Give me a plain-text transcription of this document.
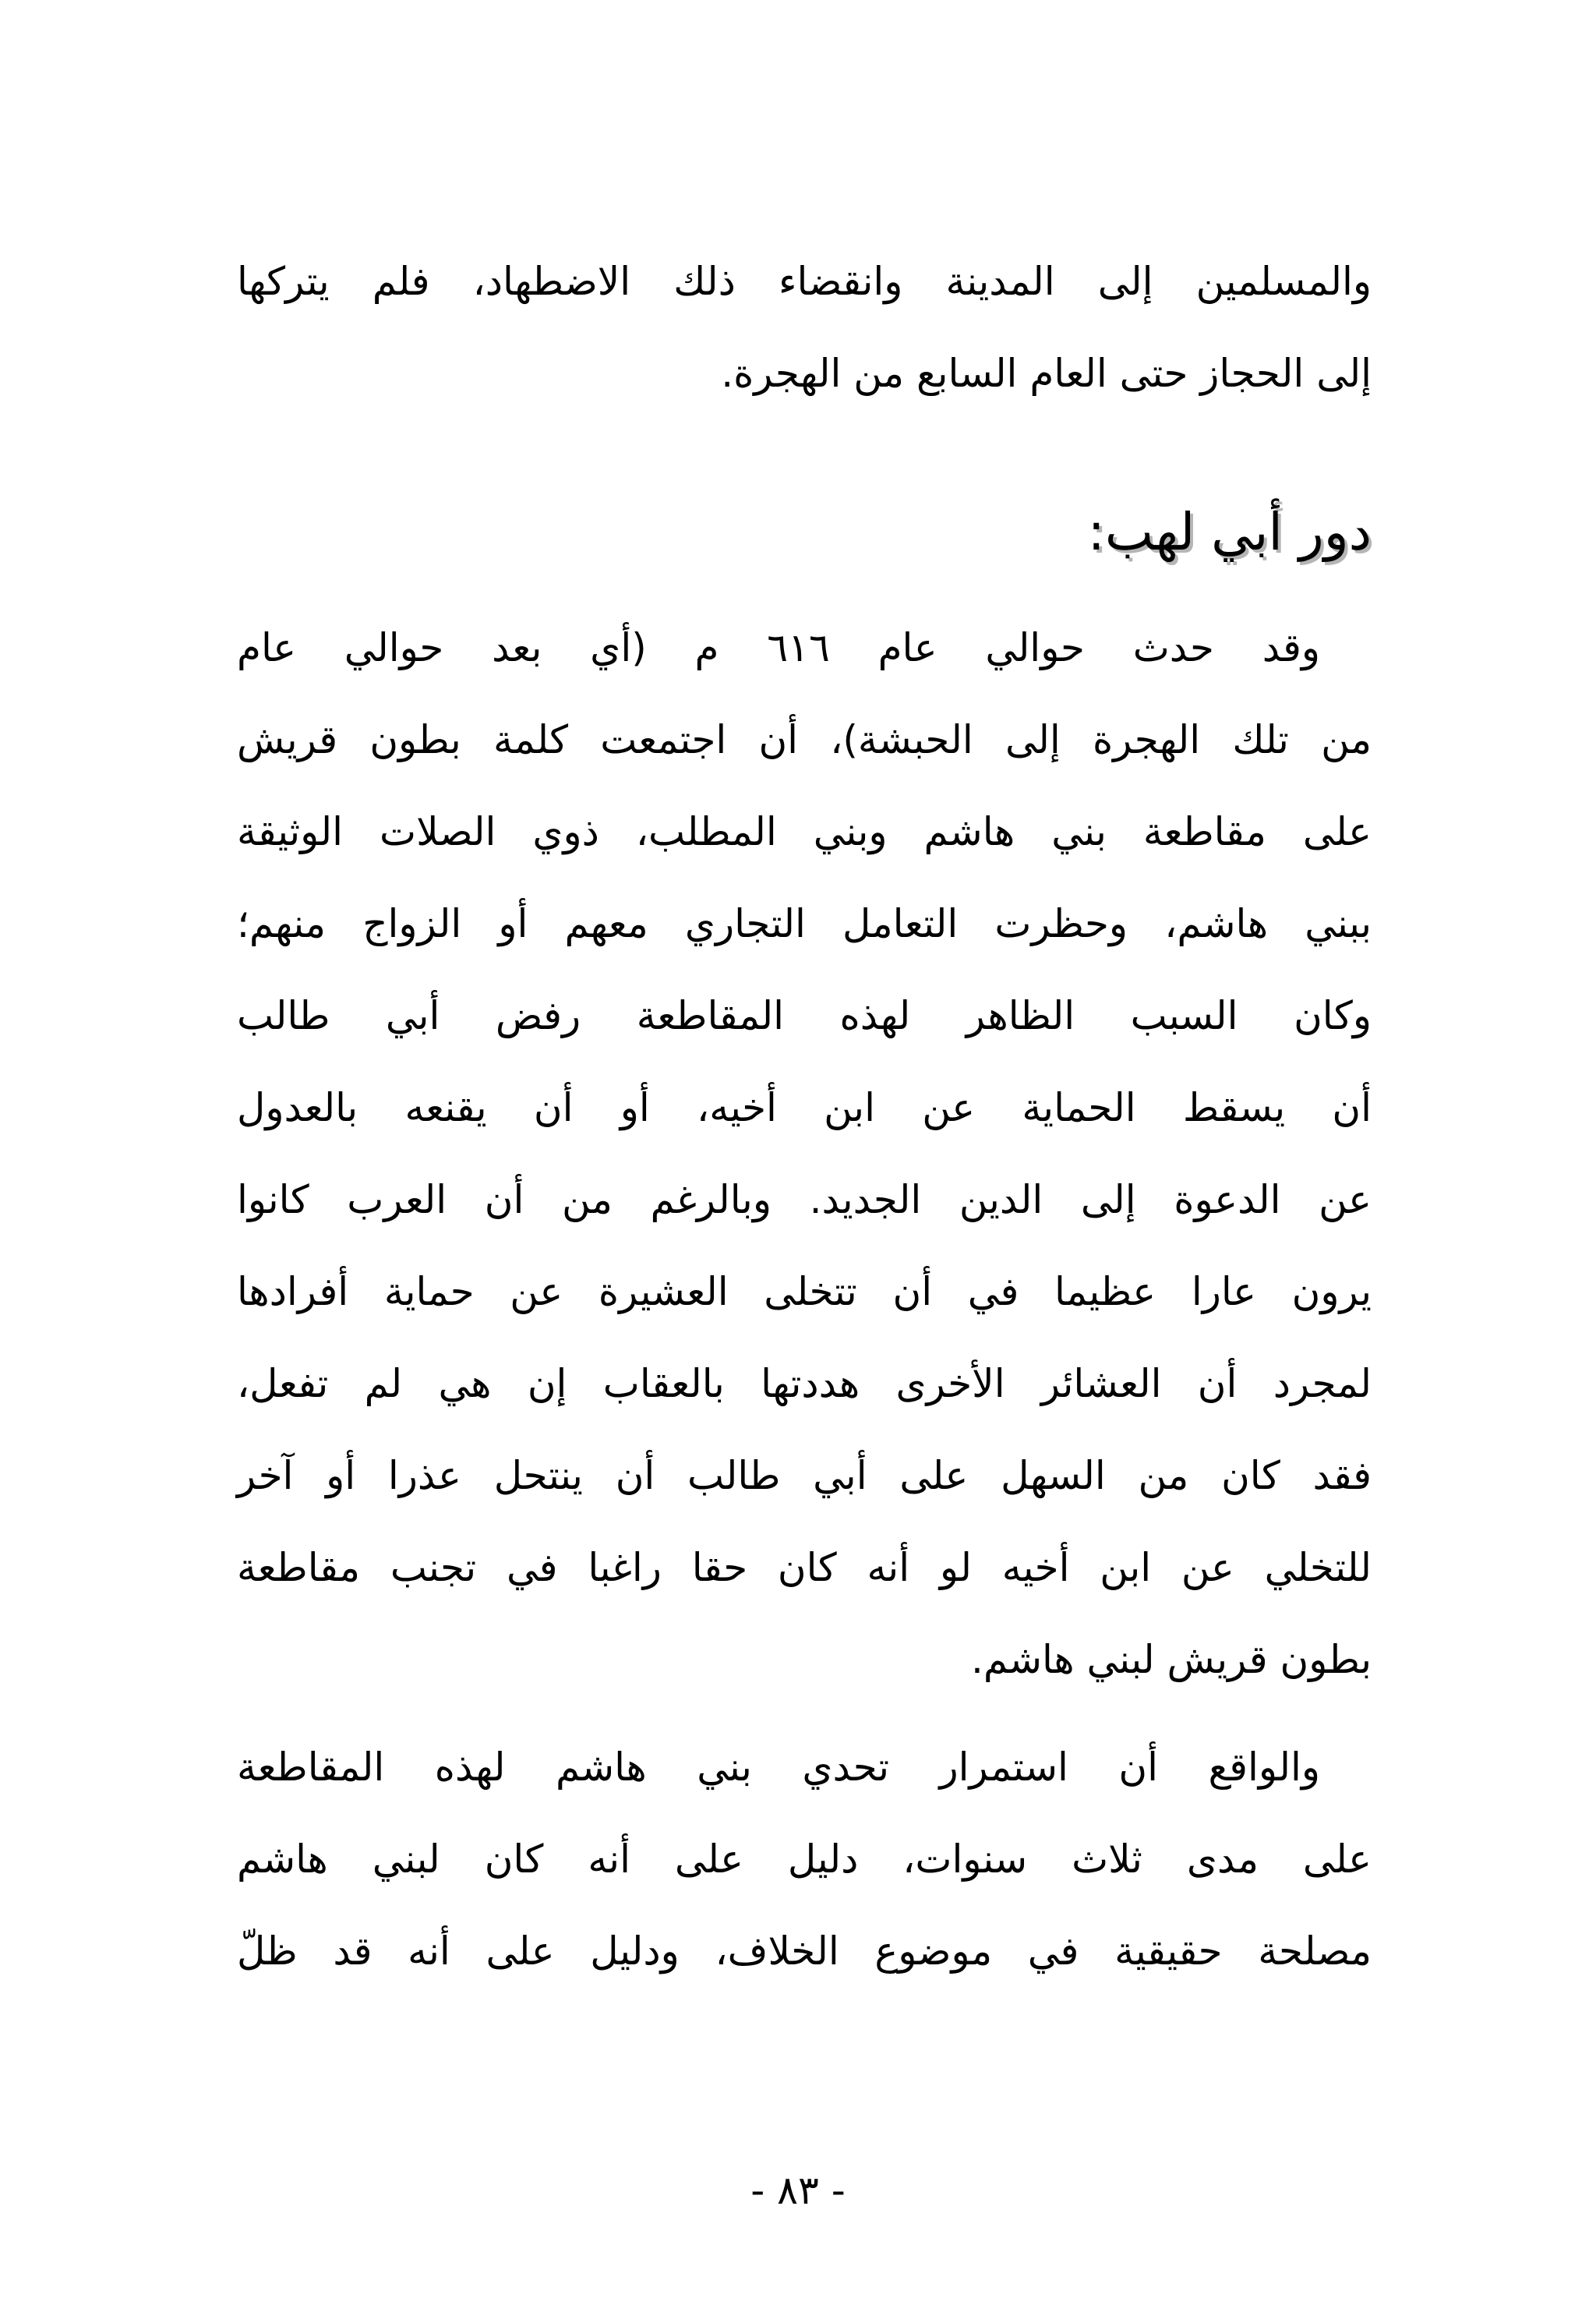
والمسلمين إلى المدينة وانقضاء ذلك الاضطهاد، فلم يتركها
إلى الحجاز حتى العام السابع من الهجرة.
دور أبي لهب:
وقد حدث حوالي عام ٦١٦ م (أي بعد حوالي عام
من تلك الهجرة إلى الحبشة)، أن اجتمعت كلمة بطون قريش
على مقاطعة بني هاشم وبني المطلب، ذوي الصلات الوثيقة
ببني هاشم، وحظرت التعامل التجاري معهم أو الزواج منهم؛
وكان السبب الظاهر لهذه المقاطعة رفض أبي طالب
أن يسقط الحماية عن ابن أخيه، أو أن يقنعه بالعدول
عن الدعوة إلى الدين الجديد. وبالرغم من أن العرب كانوا
يرون عارا عظيما في أن تتخلى العشيرة عن حماية أفرادها
لمجرد أن العشائر الأخرى هددتها بالعقاب إن هي لم تفعل،
فقد كان من السهل على أبي طالب أن ينتحل عذرا أو آخر
للتخلي عن ابن أخيه لو أنه كان حقا راغبا في تجنب مقاطعة
بطون قريش لبني هاشم.
والواقع أن استمرار تحدي بني هاشم لهذه المقاطعة
على مدى ثلاث سنوات، دليل على أنه كان لبني هاشم
مصلحة حقيقية في موضوع الخلاف، ودليل على أنه قد ظلّ
- ٨٣ -
